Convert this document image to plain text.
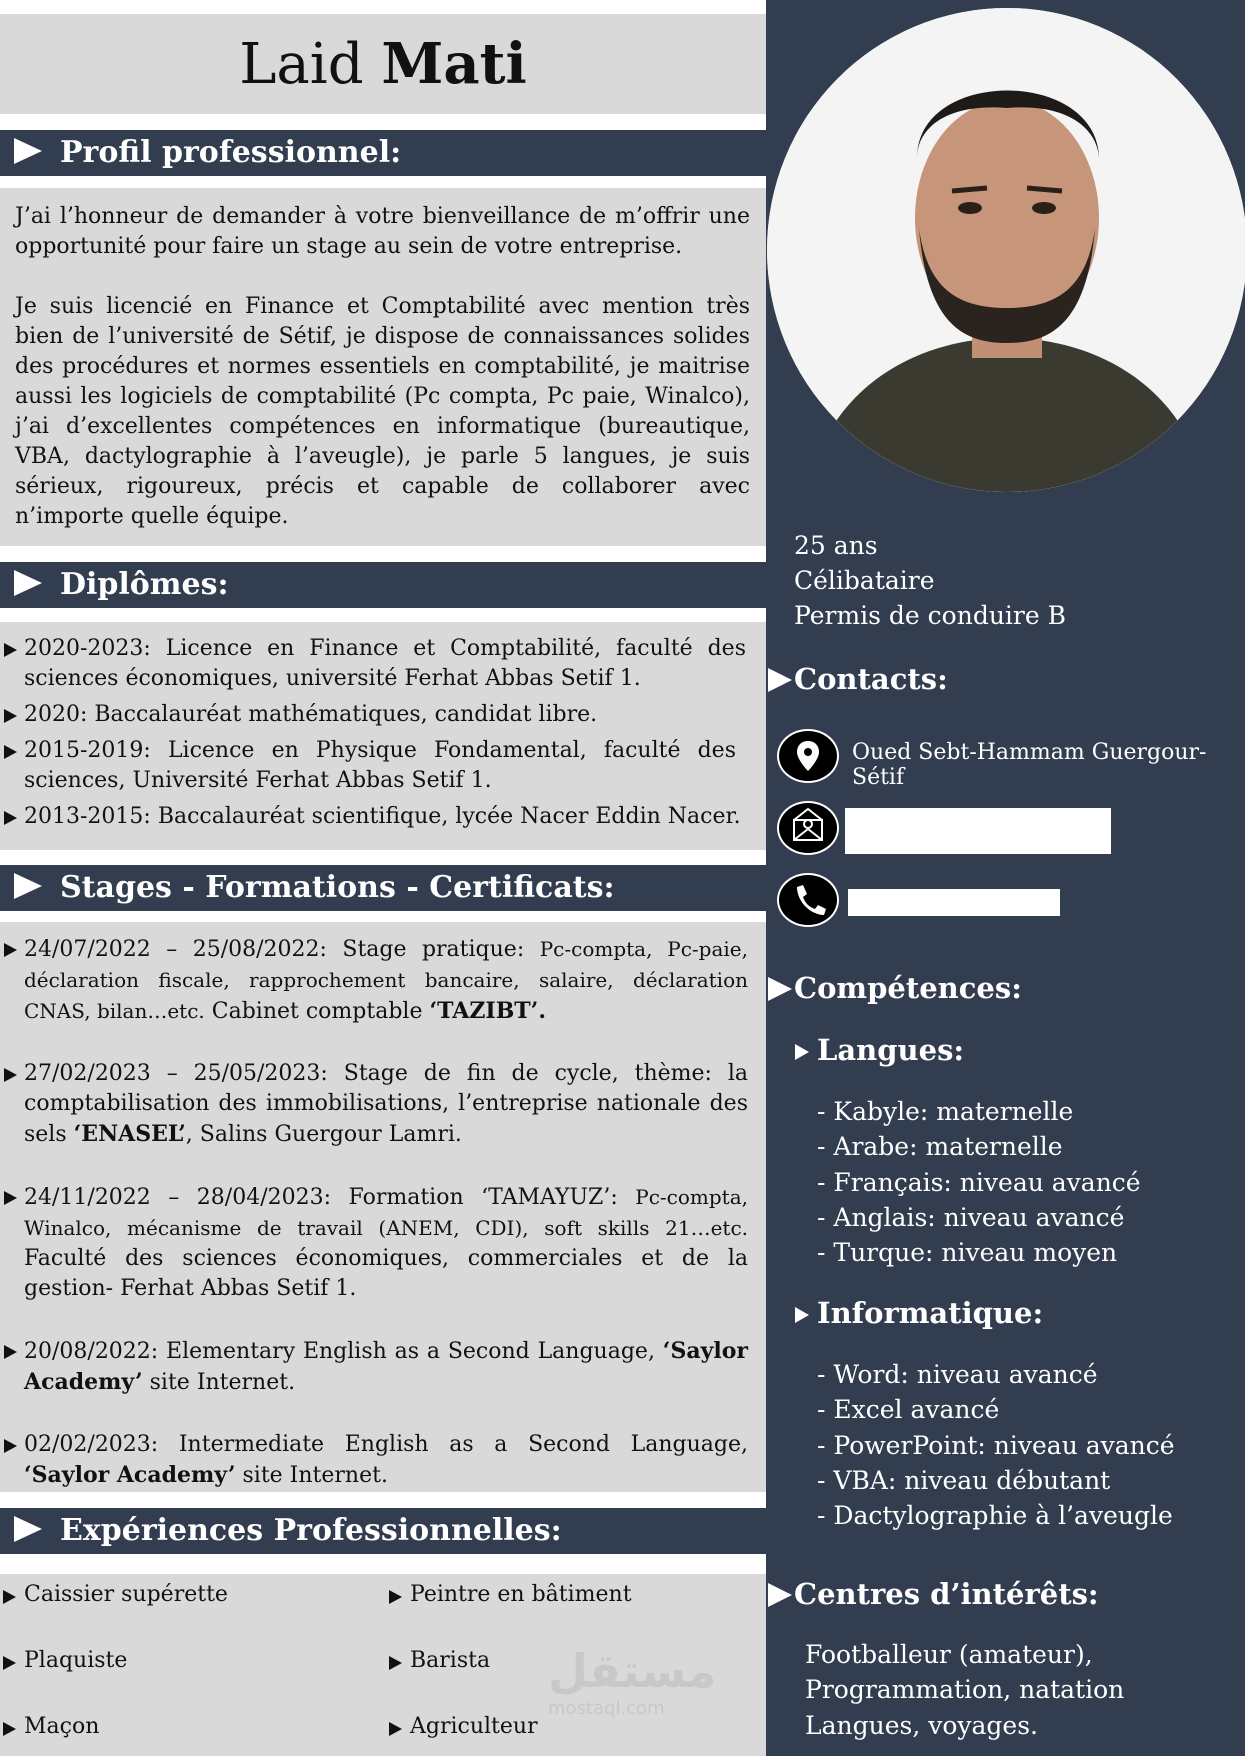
Laid Mati
Profil professionnel:

J’ai l’honneur de demander à votre bienveillance de m’offrir une opportunité pour faire un stage au sein de votre entreprise.

Je suis licencié en Finance et Comptabilité avec mention très bien de l’université de Sétif, je dispose de connaissances solides des procédures et normes essentiels en comptabilité, je maitrise aussi les logiciels de comptabilité (Pc compta, Pc paie, Winalco), j’ai d’excellentes compétences en informatique (bureautique, VBA, dactylographie à l’aveugle), je parle 5 langues, je suis sérieux, rigoureux, précis et capable de collaborer avec n’importe quelle équipe.

Diplômes:
2020-2023: Licence en Finance et Comptabilité, faculté des sciences économiques, université Ferhat Abbas Setif 1.
2020: Baccalauréat mathématiques, candidat libre.
2015-2019: Licence en Physique Fondamental, faculté des sciences, Université Ferhat Abbas Setif 1.
2013-2015: Baccalauréat scientifique, lycée Nacer Eddin Nacer.
Stages - Formations - Certificats:
24/07/2022 – 25/08/2022: Stage pratique: Pc-compta, Pc-paie, déclaration fiscale, rapprochement bancaire, salaire, déclaration CNAS, bilan…etc. Cabinet comptable ‘TAZIBT’.
27/02/2023 – 25/05/2023: Stage de fin de cycle, thème: la comptabilisation des immobilisations, l’entreprise nationale des sels ‘ENASEL’, Salins Guergour Lamri.
24/11/2022 – 28/04/2023: Formation ‘TAMAYUZ’: Pc-compta, Winalco, mécanisme de travail (ANEM, CDI), soft skills 21…etc. Faculté des sciences économiques, commerciales et de la gestion- Ferhat Abbas Setif 1.
20/08/2022: Elementary English as a Second Language, ‘Saylor Academy’ site Internet.
02/02/2023: Intermediate English as a Second Language, ‘Saylor Academy’ site Internet.
Expériences Professionnelles:
Caissier supérette
Plaquiste
Maçon
Peintre en bâtiment
Barista
Agriculteur
مستقل
mostaql.com
25 ans
Célibataire
Permis de conduire B
Contacts:
Oued Sebt-Hammam Guergour-Sétif
Compétences:
Langues:
- Kabyle: maternelle
- Arabe: maternelle
- Français: niveau avancé
- Anglais: niveau avancé
- Turque: niveau moyen
Informatique:
- Word: niveau avancé
- Excel avancé
- PowerPoint: niveau avancé
- VBA: niveau débutant
- Dactylographie à l’aveugle
Centres d’intérêts:
Footballeur (amateur),
Programmation, natation
Langues, voyages.
